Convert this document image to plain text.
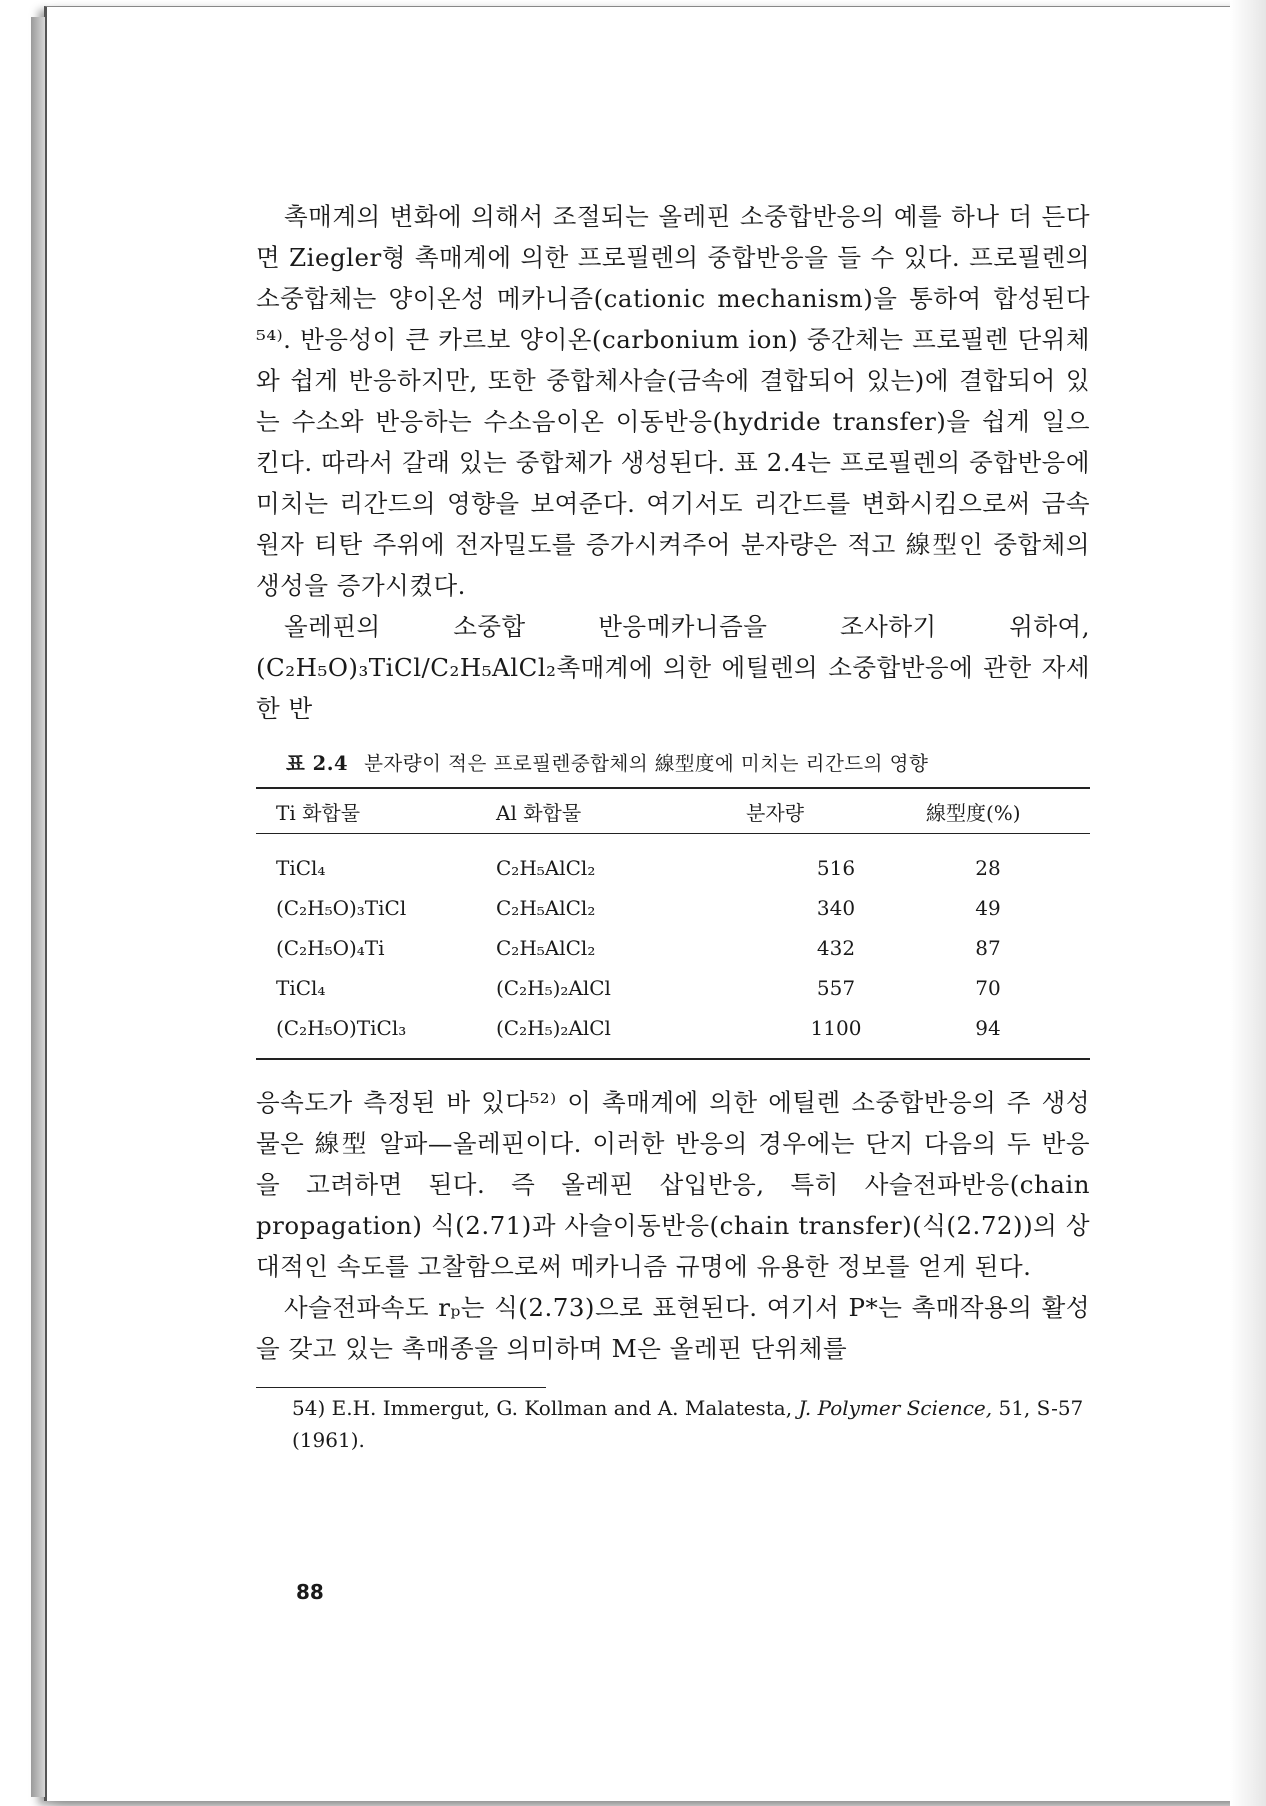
촉매계의 변화에 의해서 조절되는 올레핀 소중합반응의 예를 하나 더 든다면 Ziegler형 촉매계에 의한 프로필렌의 중합반응을 들 수 있다. 프로필렌의 소중합체는 양이온성 메카니즘(cationic mechanism)을 통하여 합성된다⁵⁴⁾. 반응성이 큰 카르보 양이온(carbonium ion) 중간체는 프로필렌 단위체와 쉽게 반응하지만, 또한 중합체사슬(금속에 결합되어 있는)에 결합되어 있는 수소와 반응하는 수소음이온 이동반응(hydride transfer)을 쉽게 일으킨다. 따라서 갈래 있는 중합체가 생성된다. 표 2.4는 프로필렌의 중합반응에 미치는 리간드의 영향을 보여준다. 여기서도 리간드를 변화시킴으로써 금속원자 티탄 주위에 전자밀도를 증가시켜주어 분자량은 적고 線型인 중합체의 생성을 증가시켰다.

올레핀의 소중합 반응메카니즘을 조사하기 위하여, (C₂H₅O)₃TiCl/C₂H₅AlCl₂촉매계에 의한 에틸렌의 소중합반응에 관한 자세한 반

표 2.4 분자량이 적은 프로필렌중합체의 線型度에 미치는 리간드의 영향
Ti 화합물	Al 화합물	분자량	線型度(%)
TiCl₄	C₂H₅AlCl₂	516	28
(C₂H₅O)₃TiCl	C₂H₅AlCl₂	340	49
(C₂H₅O)₄Ti	C₂H₅AlCl₂	432	87
TiCl₄	(C₂H₅)₂AlCl	557	70
(C₂H₅O)TiCl₃	(C₂H₅)₂AlCl	1100	94

응속도가 측정된 바 있다⁵²⁾ 이 촉매계에 의한 에틸렌 소중합반응의 주 생성물은 線型 알파—올레핀이다. 이러한 반응의 경우에는 단지 다음의 두 반응을 고려하면 된다. 즉 올레핀 삽입반응, 특히 사슬전파반응(chain propagation) 식(2.71)과 사슬이동반응(chain transfer)(식(2.72))의 상대적인 속도를 고찰함으로써 메카니즘 규명에 유용한 정보를 얻게 된다.

사슬전파속도 rₚ는 식(2.73)으로 표현된다. 여기서 P*는 촉매작용의 활성을 갖고 있는 촉매종을 의미하며 M은 올레핀 단위체를

54) E.H. Immergut, G. Kollman and A. Malatesta, J. Polymer Science, 51, S-57 (1961).

88
